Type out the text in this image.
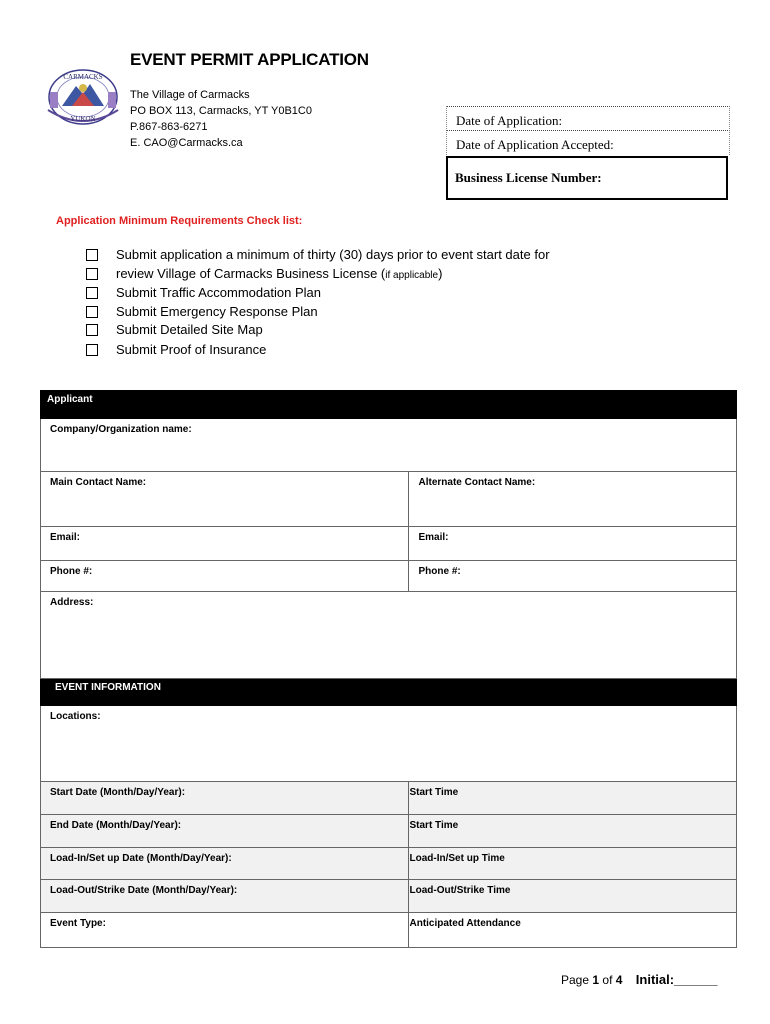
EVENT PERMIT APPLICATION
CARMACKS
YUKON
The Village of Carmacks
PO BOX 113, Carmacks, YT Y0B1C0
P.867-863-6271
E. CAO@Carmacks.ca
Date of Application:
Date of Application Accepted:
Business License Number:
Application Minimum Requirements Check list:
Submit application a minimum of thirty (30) days prior to event start date for
review Village of Carmacks Business License (if applicable)
Submit Traffic Accommodation Plan
Submit Emergency Response Plan
Submit Detailed Site Map
Submit Proof of Insurance
Applicant	

Company/Organization name:	

Main Contact Name:	Alternate Contact Name:

Email:	Email:

Phone #:	Phone #:

Address:	

EVENT INFORMATION	

Locations:	

Start Date (Month/Day/Year):	Start Time

End Date (Month/Day/Year):	Start Time

Load-In/Set up Date (Month/Day/Year):	Load-In/Set up Time

Load-Out/Strike Date (Month/Day/Year):	Load-Out/Strike Time

Event Type:	Anticipated Attendance
Page 1 of 4 Initial:______
